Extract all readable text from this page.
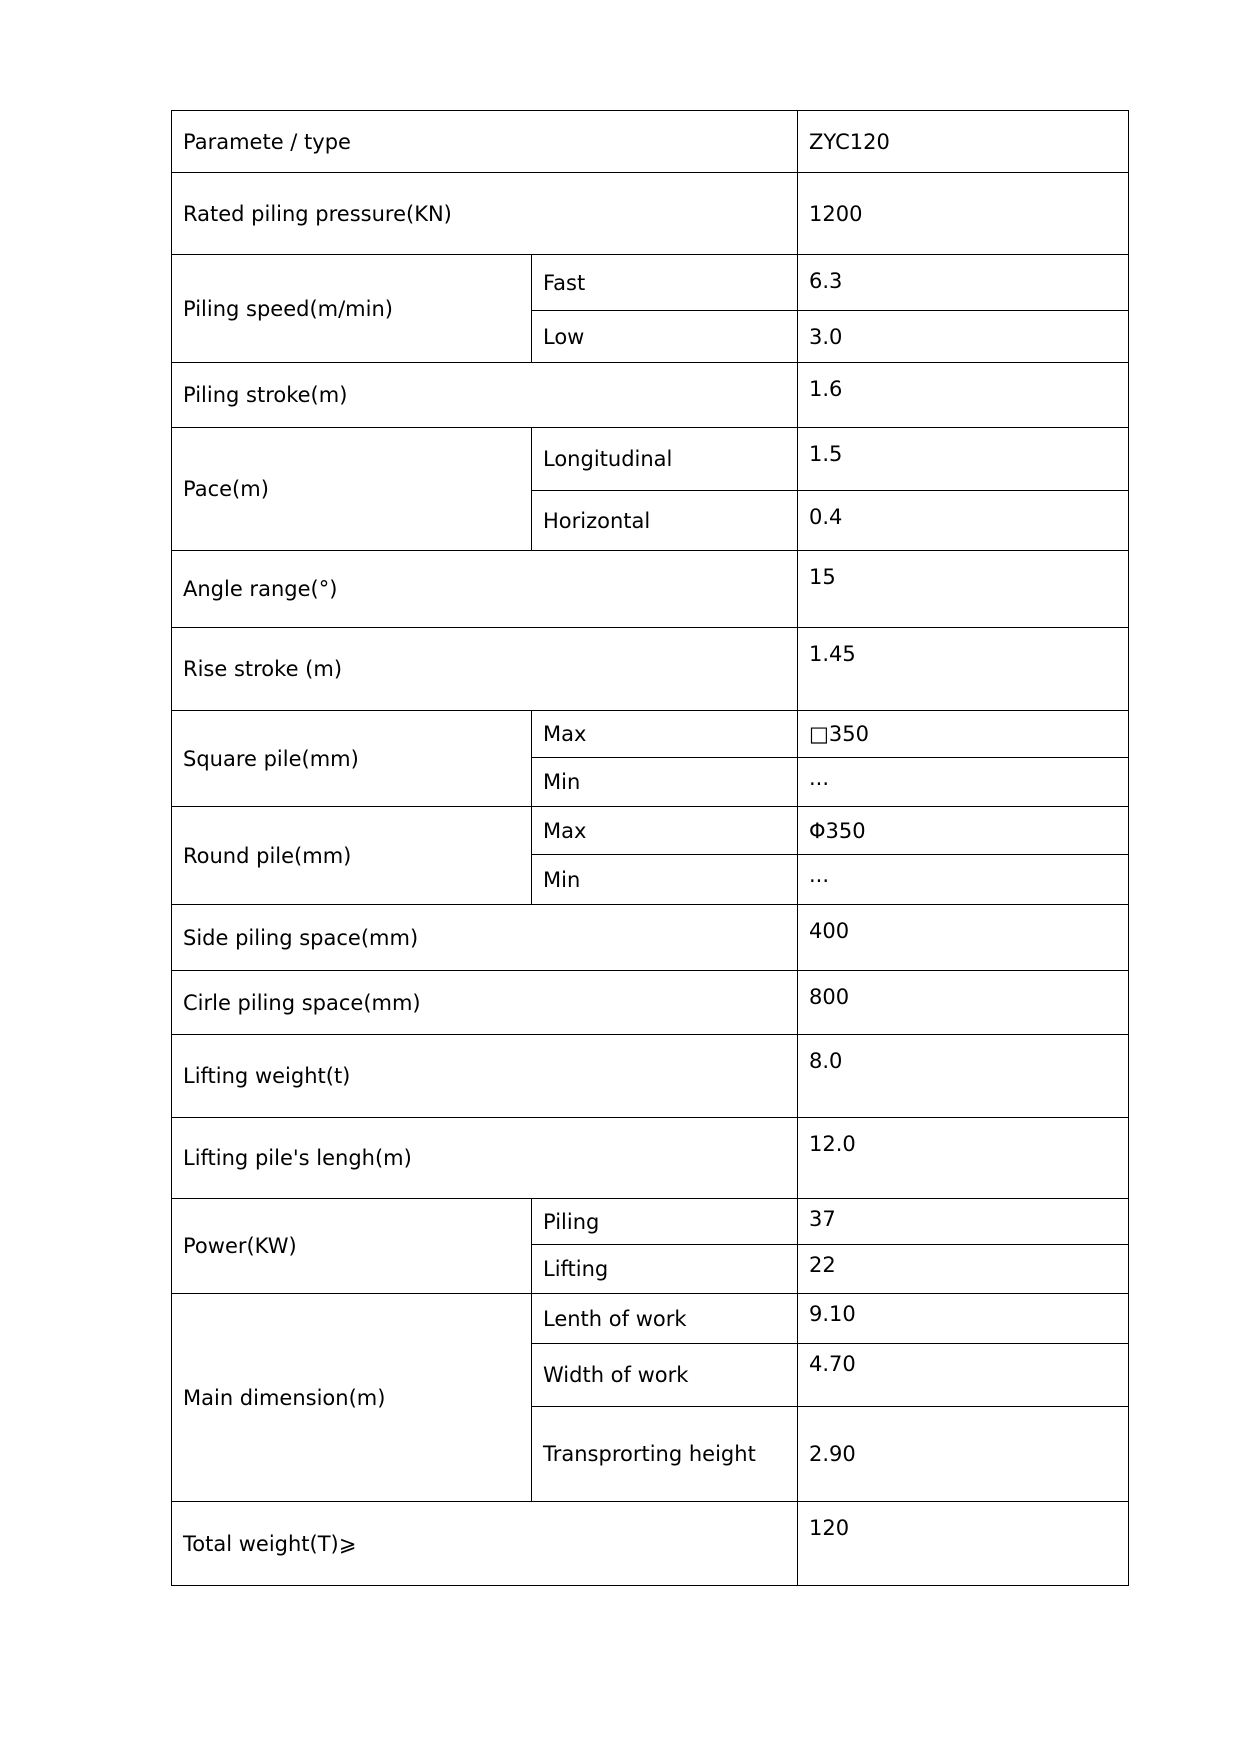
Paramete / type		ZYC120
Rated piling pressure(KN)		1200
Piling speed(m/min)	Fast	6.3
	Low	3.0
Piling stroke(m)		1.6
Pace(m)	Longitudinal	1.5
	Horizontal	0.4
Angle range(°)		15
Rise stroke (m)		1.45
Square pile(mm)	Max	□350
	Min	···
Round pile(mm)	Max	Φ350
	Min	···
Side piling space(mm)		400
Cirle piling space(mm)		800
Lifting weight(t)		8.0
Lifting pile's lengh(m)		12.0
Power(KW)	Piling	37
	Lifting	22
Main dimension(m)	Lenth of work	9.10
	Width of work	4.70
	Transprorting height	2.90
Total weight(T)⩾		120
